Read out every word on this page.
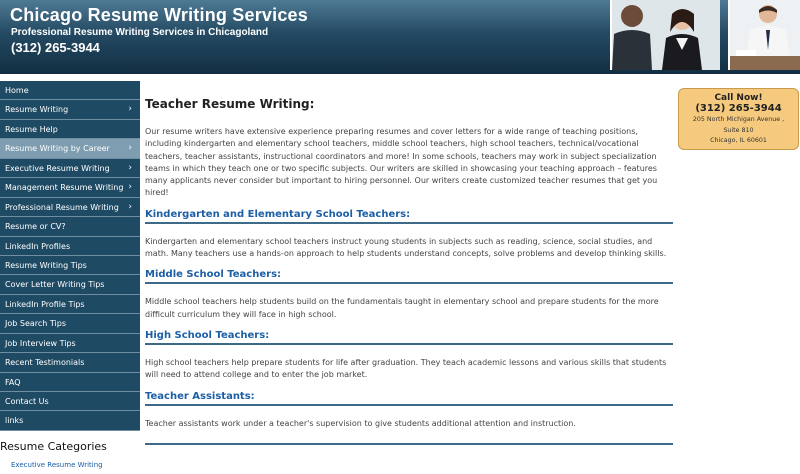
Chicago Resume Writing Services
Professional Resume Writing Services in Chicagoland
(312) 265-3944
Home
Resume Writing	›
Resume Help
Resume Writing by Career ›
Executive Resume Writing ›
Management Resume Writing ›
Professional Resume Writing ›
Resume or CV?
LinkedIn Profiles
Resume Writing Tips
Cover Letter Writing Tips
LinkedIn Profile Tips
Job Search Tips
Job Interview Tips
Recent Testimonials
FAQ
Contact Us
links
Resume Categories
Executive Resume Writing
Teacher Resume Writing:

Our resume writers have extensive experience preparing resumes and cover letters for a wide range of teaching positions, including kindergarten and elementary school teachers, middle school teachers, high school teachers, technical/vocational teachers, teacher assistants, instructional coordinators and more! In some schools, teachers may work in subject specialization teams in which they teach one or two specific subjects. Our writers are skilled in showcasing your teaching approach – features many applicants never consider but important to hiring personnel. Our writers create customized teacher resumes that get you hired!

Kindergarten and Elementary School Teachers:

Kindergarten and elementary school teachers instruct young students in subjects such as reading, science, social studies, and math. Many teachers use a hands-on approach to help students understand concepts, solve problems and develop thinking skills.

Middle School Teachers:

Middle school teachers help students build on the fundamentals taught in elementary school and prepare students for the more difficult curriculum they will face in high school.

High School Teachers:

High school teachers help prepare students for life after graduation. They teach academic lessons and various skills that students will need to attend college and to enter the job market.

Teacher Assistants:

Teacher assistants work under a teacher's supervision to give students additional attention and instruction.

Call Now!
(312) 265-3944
205 North Michigan Avenue ,
Suite 810
Chicago, IL 60601
